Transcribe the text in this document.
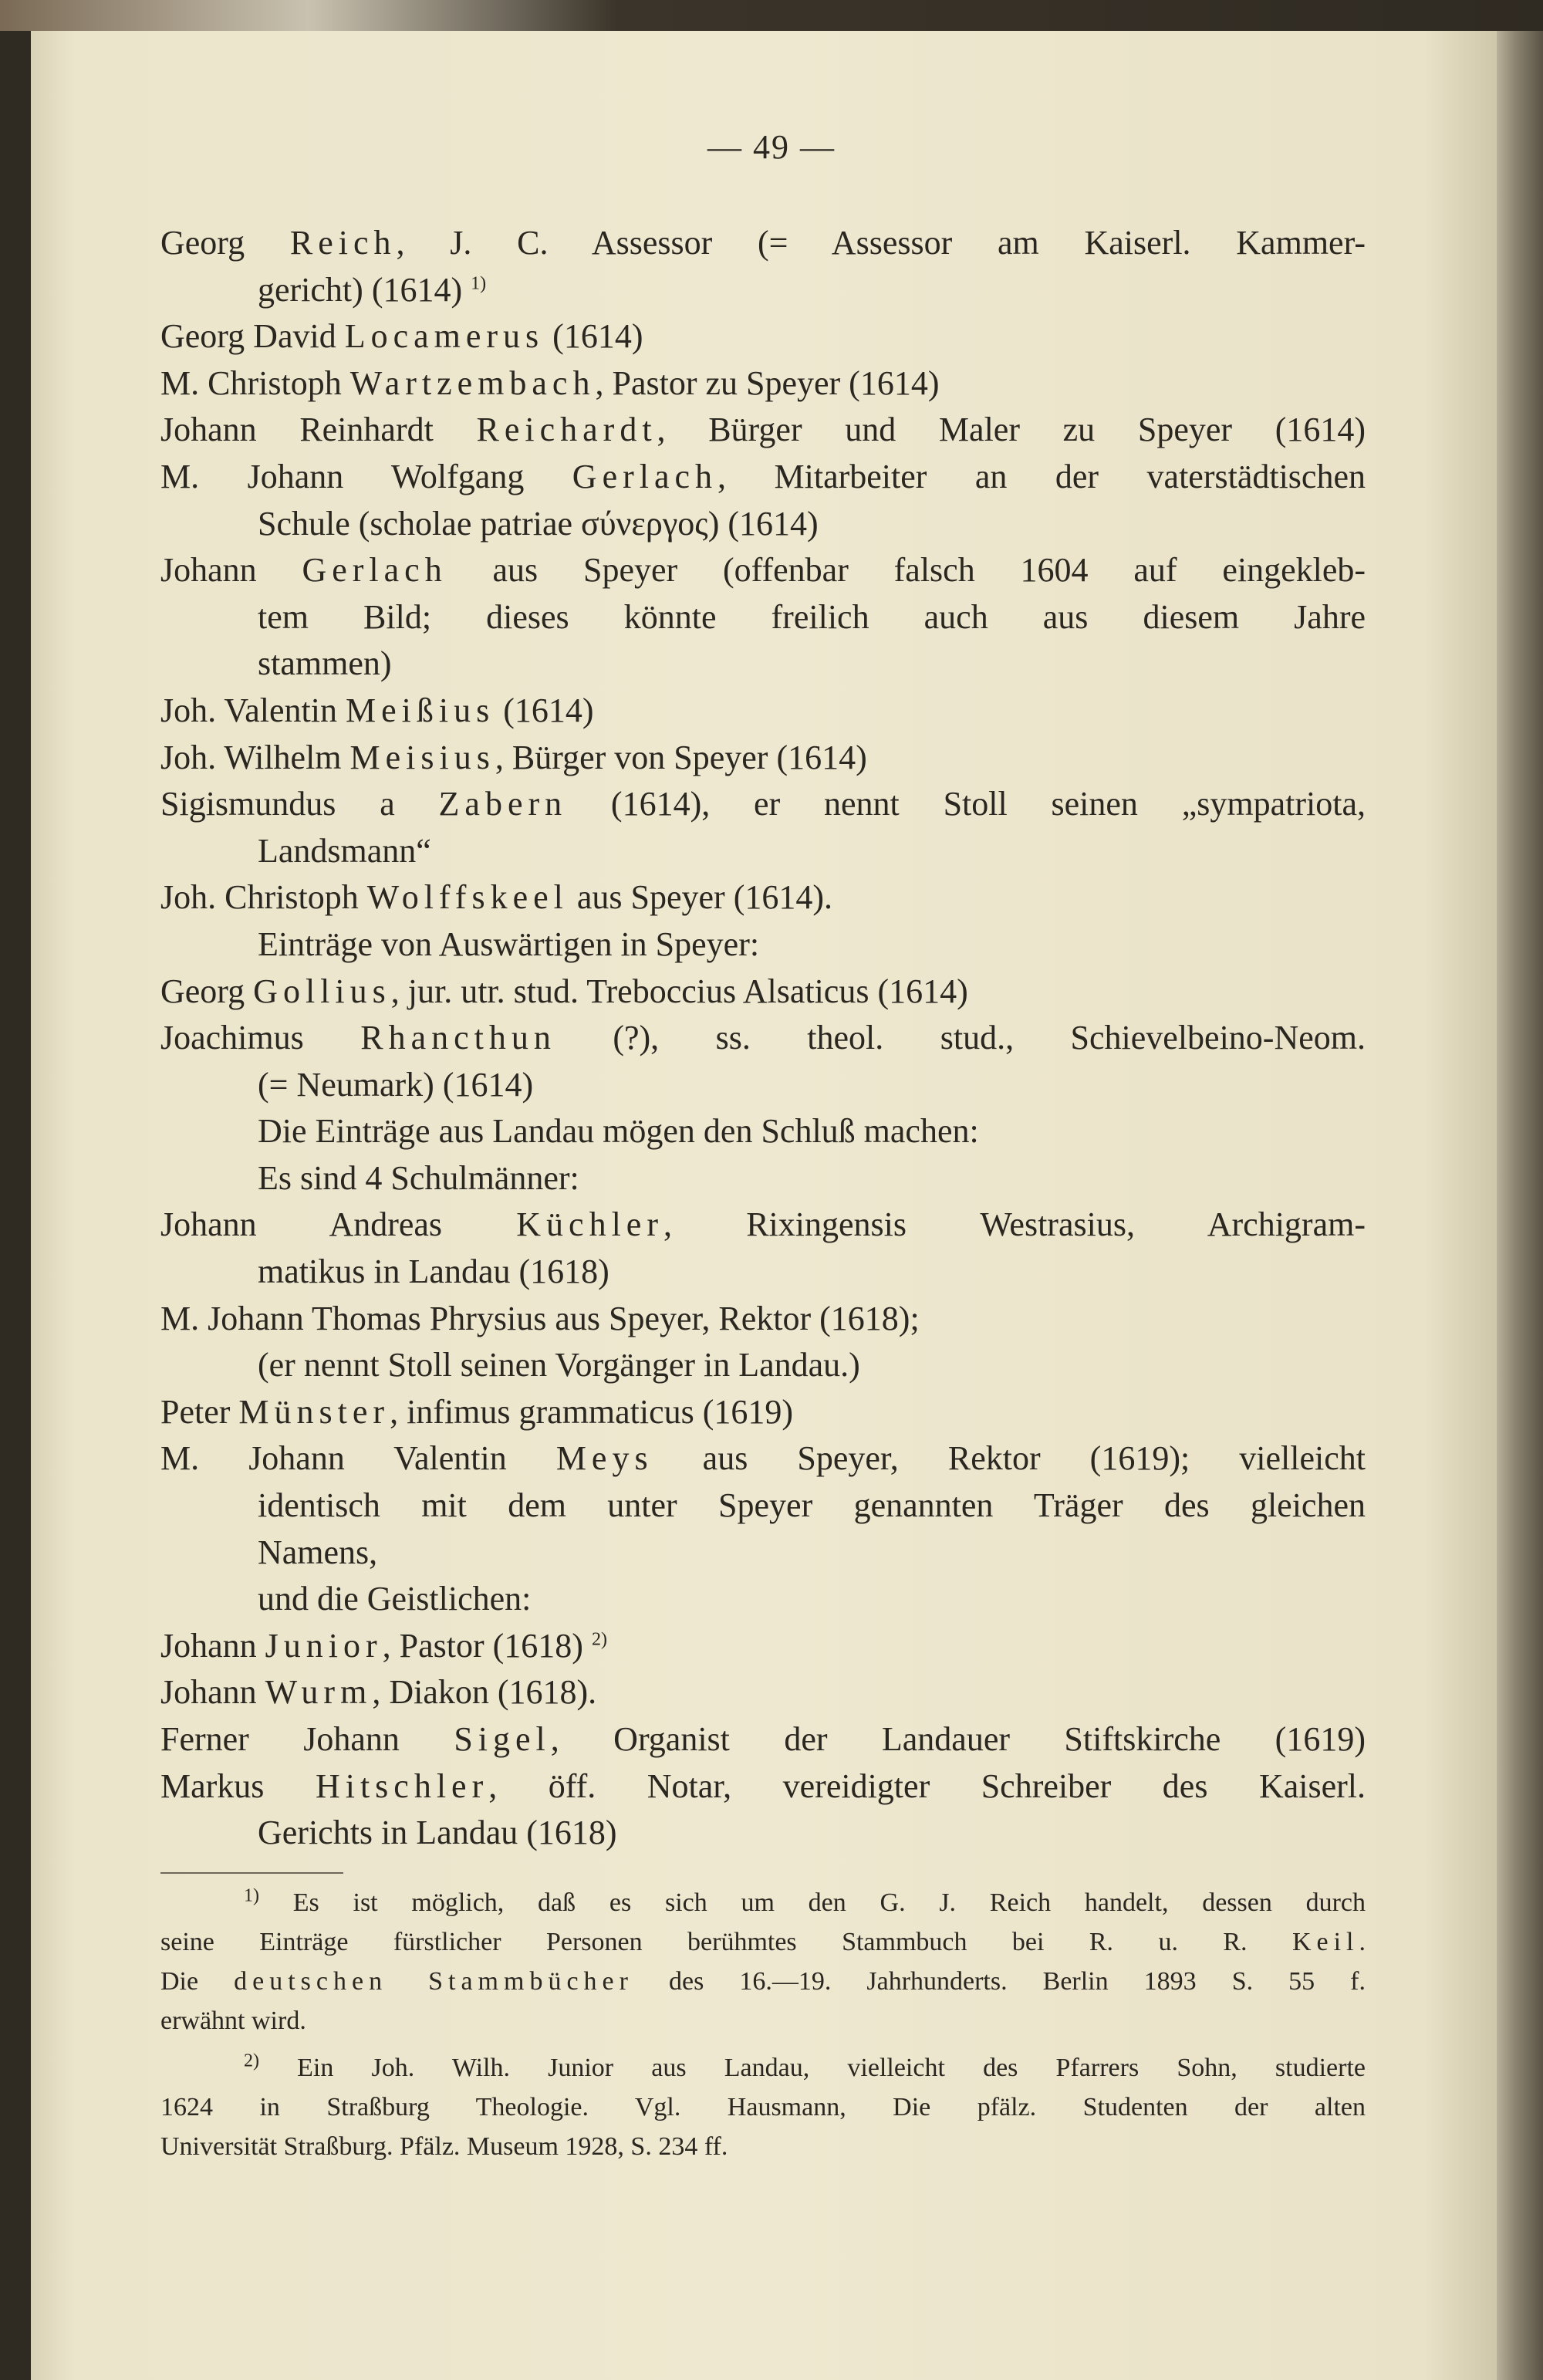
— 49 —
Georg Reich, J. C. Assessor (= Assessor am Kaiserl. Kammer-
gericht) (1614) $^{1)}$
Georg David Locamerus (1614)
M. Christoph Wartzembach, Pastor zu Speyer (1614)
Johann Reinhardt Reichardt, Bürger und Maler zu Speyer (1614)
M. Johann Wolfgang Gerlach, Mitarbeiter an der vaterstädtischen
Schule (scholae patriae σύνεργος) (1614)
Johann Gerlach aus Speyer (offenbar falsch 1604 auf eingekleb-
tem Bild; dieses könnte freilich auch aus diesem Jahre
stammen)
Joh. Valentin Meißius (1614)
Joh. Wilhelm Meisius, Bürger von Speyer (1614)
Sigismundus a Zabern (1614), er nennt Stoll seinen „sympatriota,
Landsmann“
Joh. Christoph Wolffskeel aus Speyer (1614).
Einträge von Auswärtigen in Speyer:
Georg Gollius, jur. utr. stud. Treboccius Alsaticus (1614)
Joachimus Rhancthun (?), ss. theol. stud., Schievelbeino-Neom.
(= Neumark) (1614)
Die Einträge aus Landau mögen den Schluß machen:
Es sind 4 Schulmänner:
Johann Andreas Küchler, Rixingensis Westrasius, Archigram-
matikus in Landau (1618)
M. Johann Thomas Phrysius aus Speyer, Rektor (1618);
(er nennt Stoll seinen Vorgänger in Landau.)
Peter Münster, infimus grammaticus (1619)
M. Johann Valentin Meys aus Speyer, Rektor (1619); vielleicht
identisch mit dem unter Speyer genannten Träger des gleichen
Namens,
und die Geistlichen:
Johann Junior, Pastor (1618) $^{2)}$
Johann Wurm, Diakon (1618).
Ferner Johann Sigel, Organist der Landauer Stiftskirche (1619)
Markus Hitschler, öff. Notar, vereidigter Schreiber des Kaiserl.
Gerichts in Landau (1618)
$^{1)}$ Es ist möglich, daß es sich um den G. J. Reich handelt, dessen durch
seine Einträge fürstlicher Personen berühmtes Stammbuch bei R. u. R. Keil.
Die deutschen Stammbücher des 16.—19. Jahrhunderts. Berlin 1893 S. 55 f.
erwähnt wird.
$^{2)}$ Ein Joh. Wilh. Junior aus Landau, vielleicht des Pfarrers Sohn, studierte
1624 in Straßburg Theologie. Vgl. Hausmann, Die pfälz. Studenten der alten
Universität Straßburg. Pfälz. Museum 1928, S. 234 ff.
